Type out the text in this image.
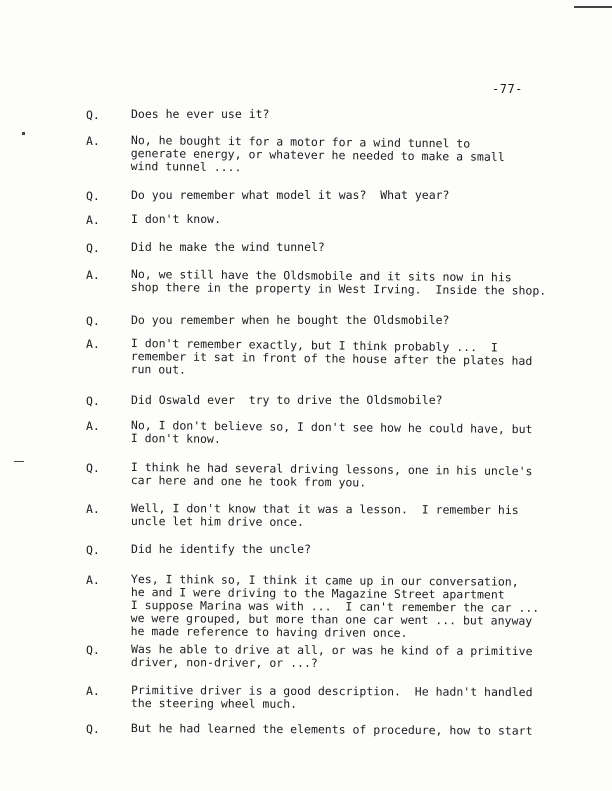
-77-
Q.	Does he ever use it?
A.	No, he bought it for a motor for a wind tunnel to
generate energy, or whatever he needed to make a small
wind tunnel ....
Q.	Do you remember what model it was?  What year?
A.	I don't know.
Q.	Did he make the wind tunnel?
A.	No, we still have the Oldsmobile and it sits now in his
shop there in the property in West Irving.  Inside the shop.
Q.	Do you remember when he bought the Oldsmobile?
A.	I don't remember exactly, but I think probably ...  I
remember it sat in front of the house after the plates had
run out.
Q.	Did Oswald ever  try to drive the Oldsmobile?
A.	No, I don't believe so, I don't see how he could have, but
I don't know.
Q.	I think he had several driving lessons, one in his uncle's
car here and one he took from you.
A.	Well, I don't know that it was a lesson.  I remember his
uncle let him drive once.
Q.	Did he identify the uncle?
A.	Yes, I think so, I think it came up in our conversation,
he and I were driving to the Magazine Street apartment
I suppose Marina was with ...  I can't remember the car ...
we were grouped, but more than one car went ... but anyway
he made reference to having driven once.
Q.	Was he able to drive at all, or was he kind of a primitive
driver, non-driver, or ...?
A.	Primitive driver is a good description.  He hadn't handled
the steering wheel much.
Q.	But he had learned the elements of procedure, how to start
